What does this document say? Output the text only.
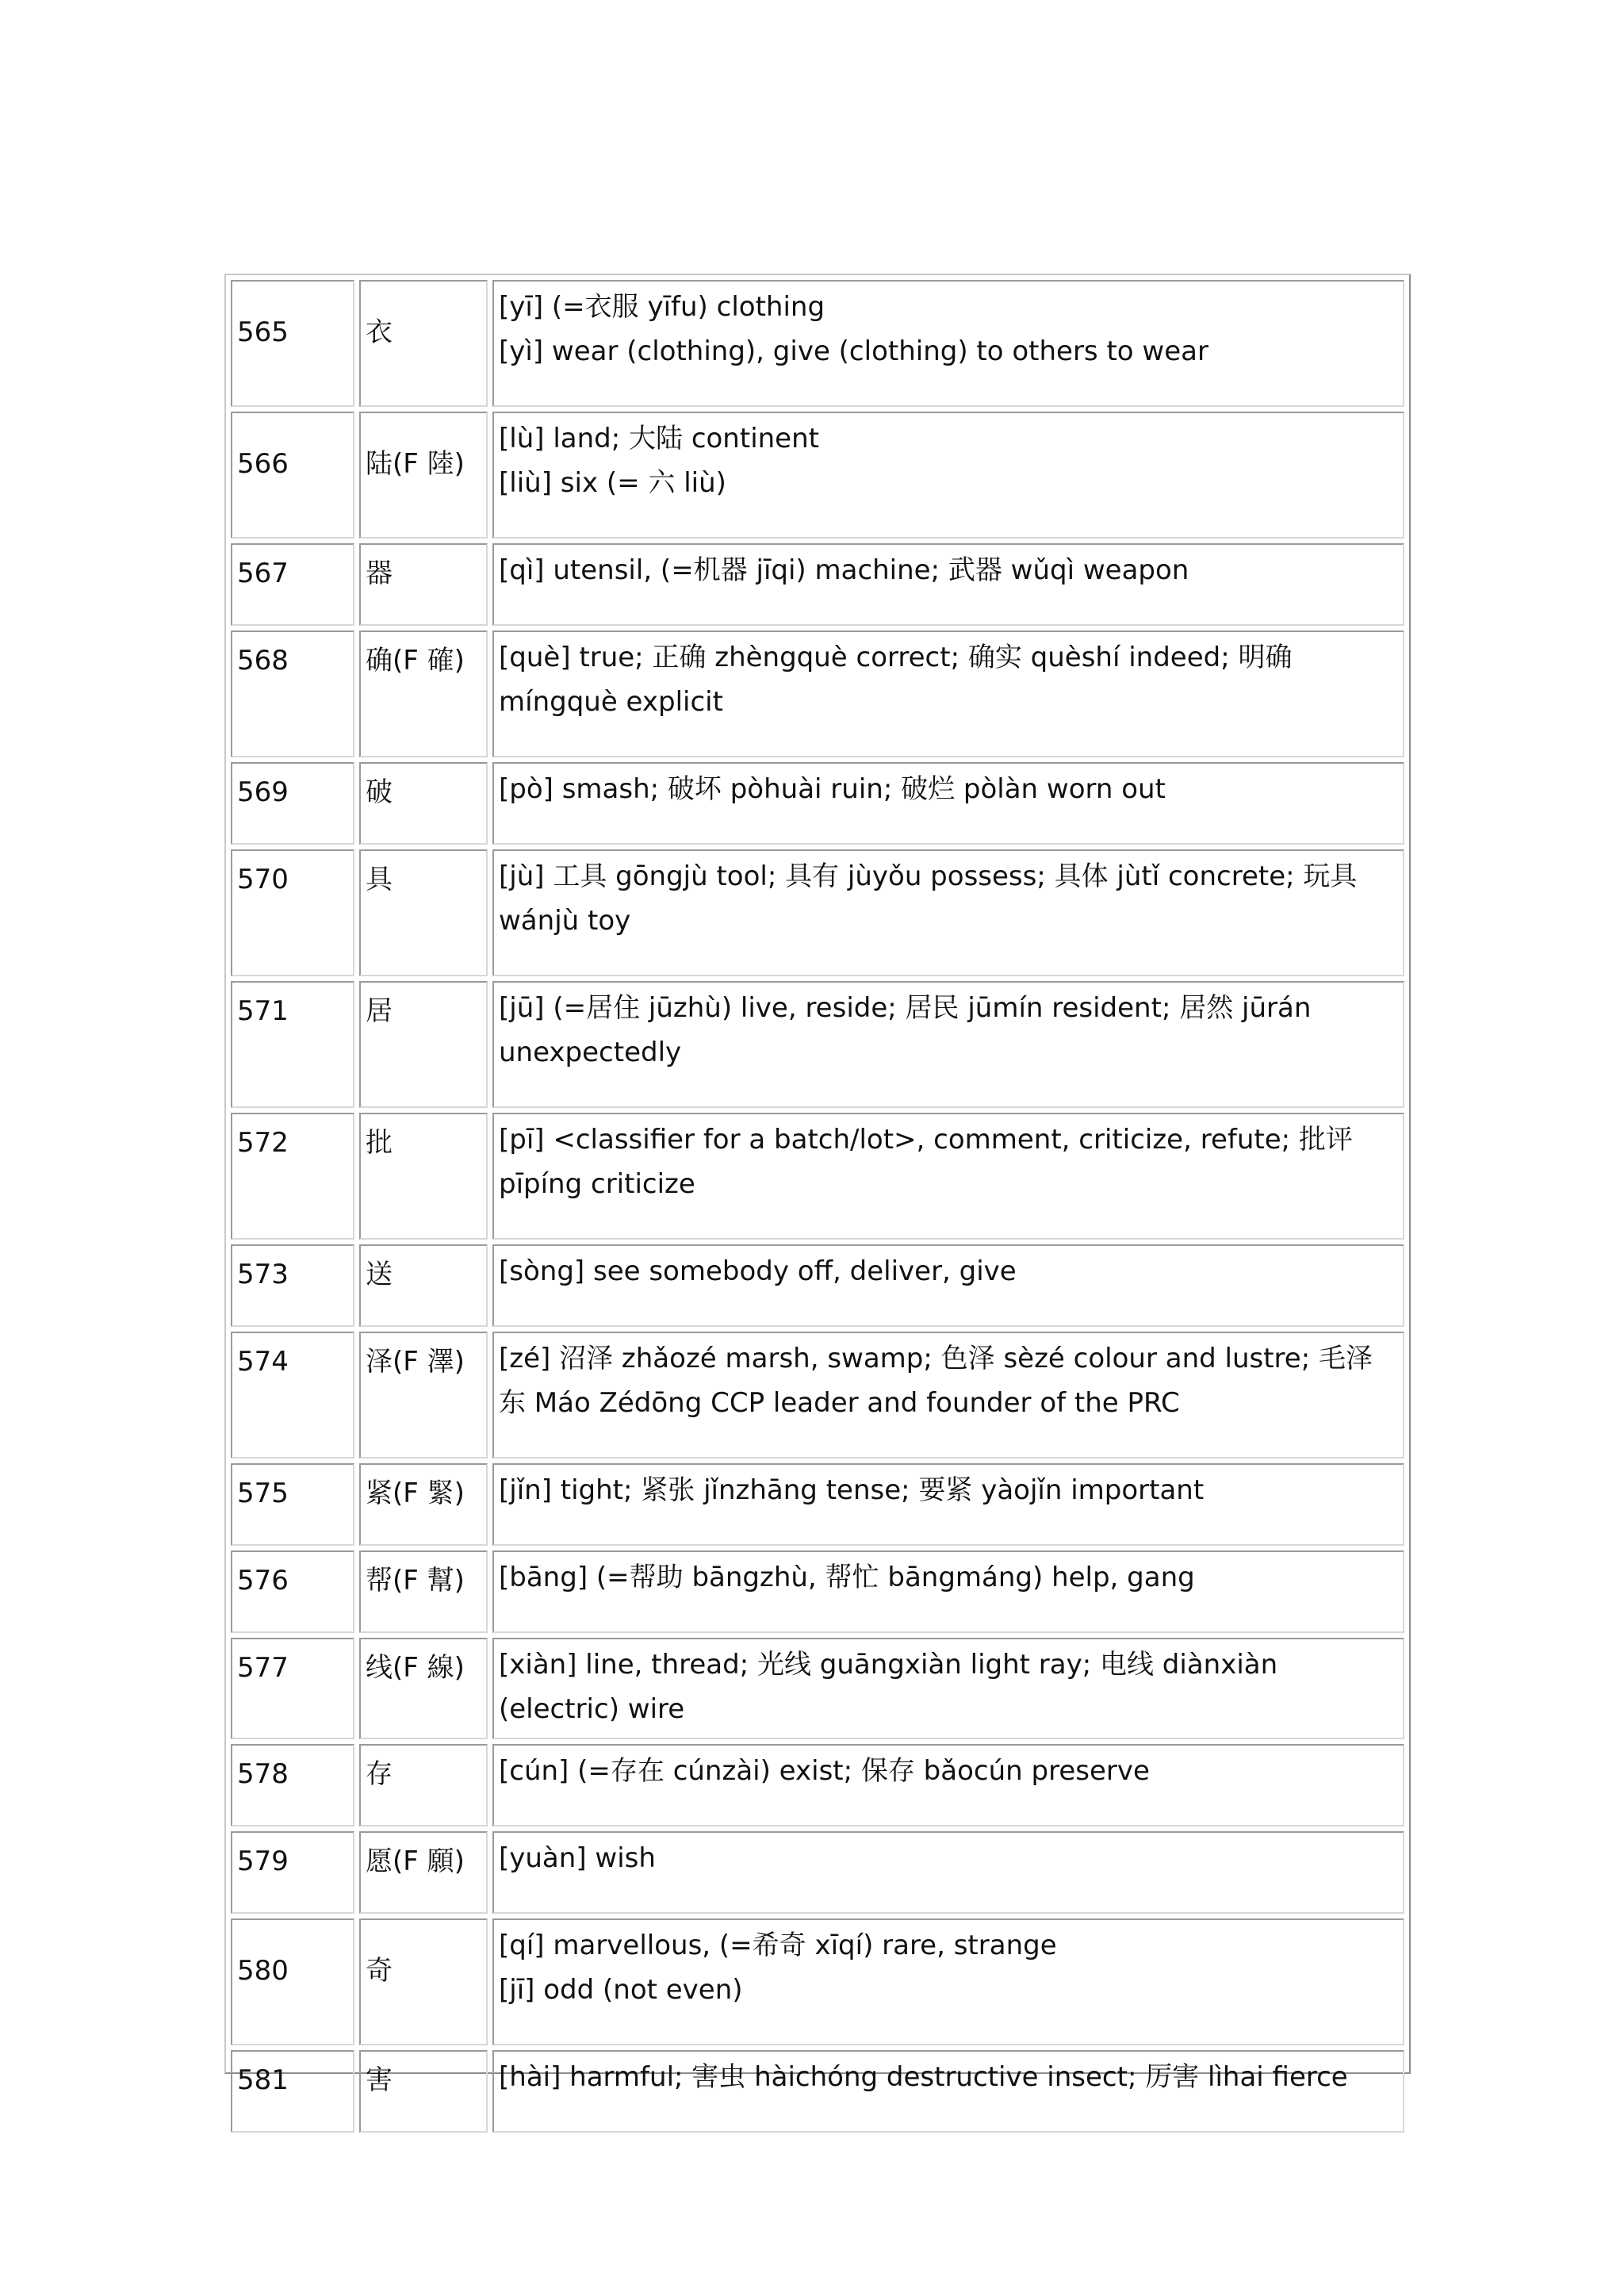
565	衣	[yī] (=衣服 yīfu) clothing
[yì] wear (clothing), give (clothing) to others to wear

566	陆(F 陸)	[lù] land; 大陆 continent
[liù] six (= 六 liù)

567	器	[qì] utensil, (=机器 jīqi) machine; 武器 wǔqì weapon

568	确(F 確)	[què] true; 正确 zhèngquè correct; 确实 quèshí indeed; 明确 míngquè explicit

569	破	[pò] smash; 破坏 pòhuài ruin; 破烂 pòlàn worn out

570	具	[jù] 工具 gōngjù tool; 具有 jùyǒu possess; 具体 jùtǐ concrete; 玩具 wánjù toy

571	居	[jū] (=居住 jūzhù) live, reside; 居民 jūmín resident; 居然 jūrán unexpectedly

572	批	[pī] <classifier for a batch/lot>, comment, criticize, refute; 批评 pīpíng criticize

573	送	[sòng] see somebody off, deliver, give

574	泽(F 澤)	[zé] 沼泽 zhǎozé marsh, swamp; 色泽 sèzé colour and lustre; 毛泽东 Máo Zédōng CCP leader and founder of the PRC

575	紧(F 緊)	[jǐn] tight; 紧张 jǐnzhāng tense; 要紧 yàojǐn important

576	帮(F 幫)	[bāng] (=帮助 bāngzhù, 帮忙 bāngmáng) help, gang

577	线(F 線)	[xiàn] line, thread; 光线 guāngxiàn light ray; 电线 diànxiàn (electric) wire

578	存	[cún] (=存在 cúnzài) exist; 保存 bǎocún preserve

579	愿(F 願)	[yuàn] wish

580	奇	[qí] marvellous, (=希奇 xīqí) rare, strange
[jī] odd (not even)

581	害	[hài] harmful; 害虫 hàichóng destructive insect; 厉害 lìhai fierce
